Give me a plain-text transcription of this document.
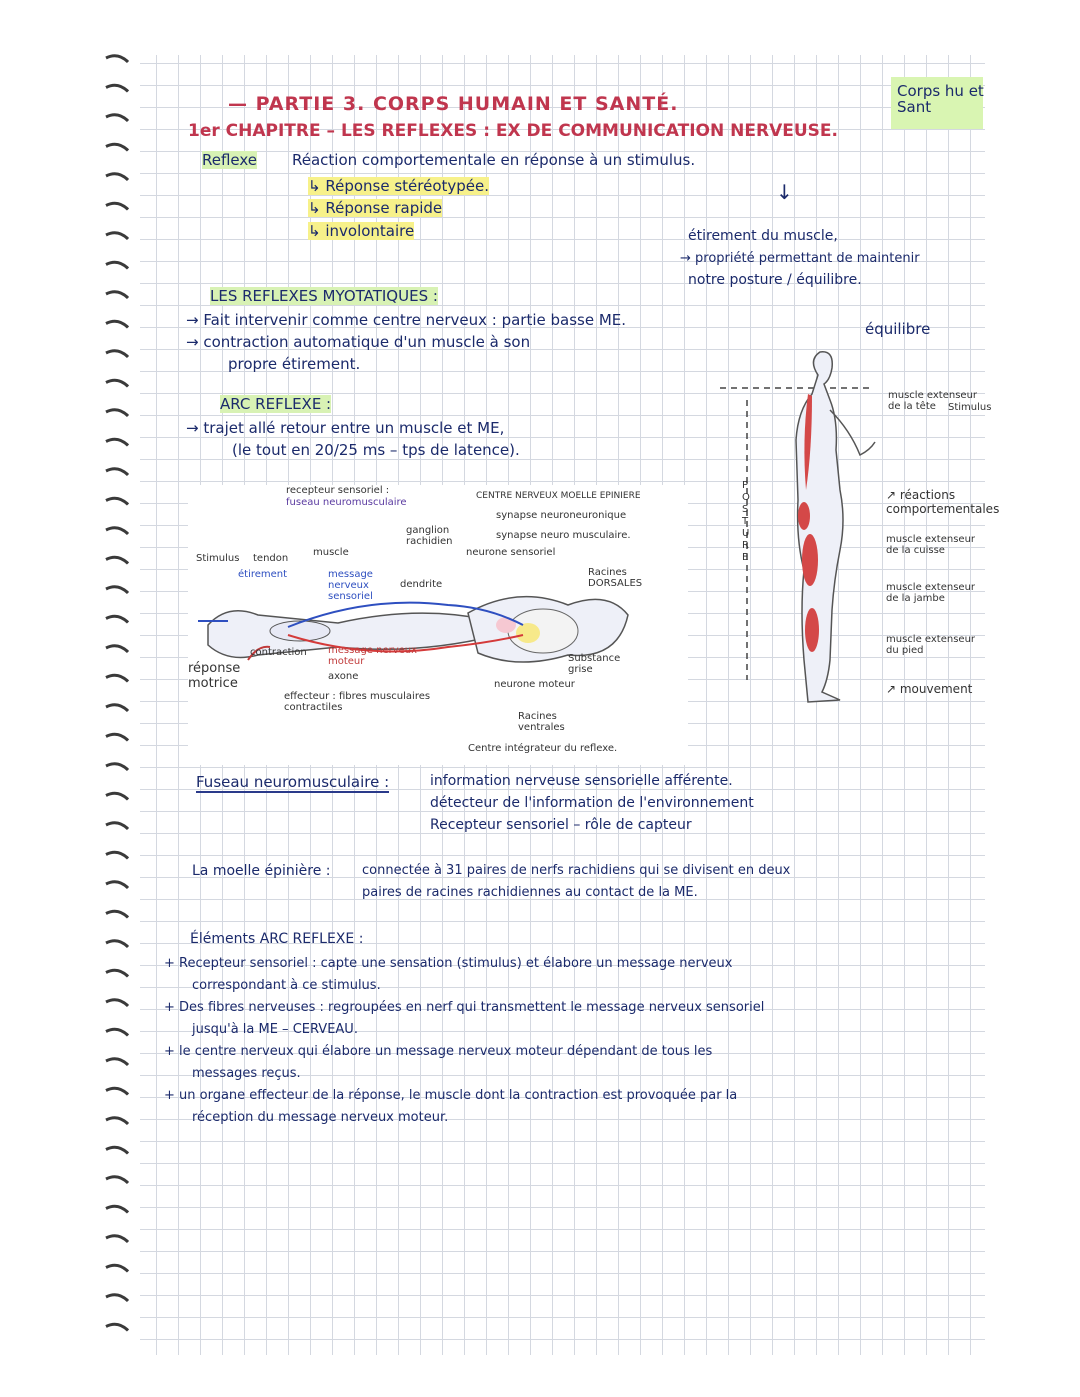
Corps hu et Sant
— PARTIE 3. CORPS HUMAIN ET SANTÉ.
1er CHAPITRE – LES REFLEXES : EX DE COMMUNICATION NERVEUSE.
Reflexe Réaction comportementale en réponse à un stimulus.
↳ Réponse stéréotypée.
↳ Réponse rapide
↳ involontaire
↓
étirement du muscle,
→ propriété permettant de maintenir
notre posture / équilibre.
LES REFLEXES MYOTATIQUES :
→ Fait intervenir comme centre nerveux : partie basse ME.
→ contraction automatique d'un muscle à son
propre étirement.
ARC REFLEXE :
→ trajet allé retour entre un muscle et ME,
(le tout en 20/25 ms – tps de latence).
recepteur sensoriel :
fuseau neuromusculaire
CENTRE NERVEUX MOELLE EPINIERE
synapse neuroneuronique
synapse neuro musculaire.
ganglion rachidien
neurone sensoriel
Racines DORSALES
Stimulus tendon
muscle
étirement	message nerveux sensoriel
dendrite
contraction message nerveux moteur
axone
réponse motrice
effecteur : fibres musculaires contractiles
Substance grise
neurone moteur
Racines ventrales
Centre intégrateur du reflexe.
équilibre
POSTURE
muscle extenseur de la tête	Stimulus
↗ réactions comportementales
muscle extenseur de la cuisse
muscle extenseur de la jambe
muscle extenseur du pied
↗ mouvement
Fuseau neuromusculaire :	information nerveuse sensorielle afférente.
détecteur de l'information de l'environnement
Recepteur sensoriel – rôle de capteur
La moelle épinière : connectée à 31 paires de nerfs rachidiens qui se divisent en deux
paires de racines rachidiennes au contact de la ME.
Éléments ARC REFLEXE :
+ Recepteur sensoriel : capte une sensation (stimulus) et élabore un message nerveux
correspondant à ce stimulus.
+ Des fibres nerveuses : regroupées en nerf qui transmettent le message nerveux sensoriel
jusqu'à la ME – CERVEAU.
+ le centre nerveux qui élabore un message nerveux moteur dépendant de tous les
messages reçus.
+ un organe effecteur de la réponse, le muscle dont la contraction est provoquée par la
réception du message nerveux moteur.
